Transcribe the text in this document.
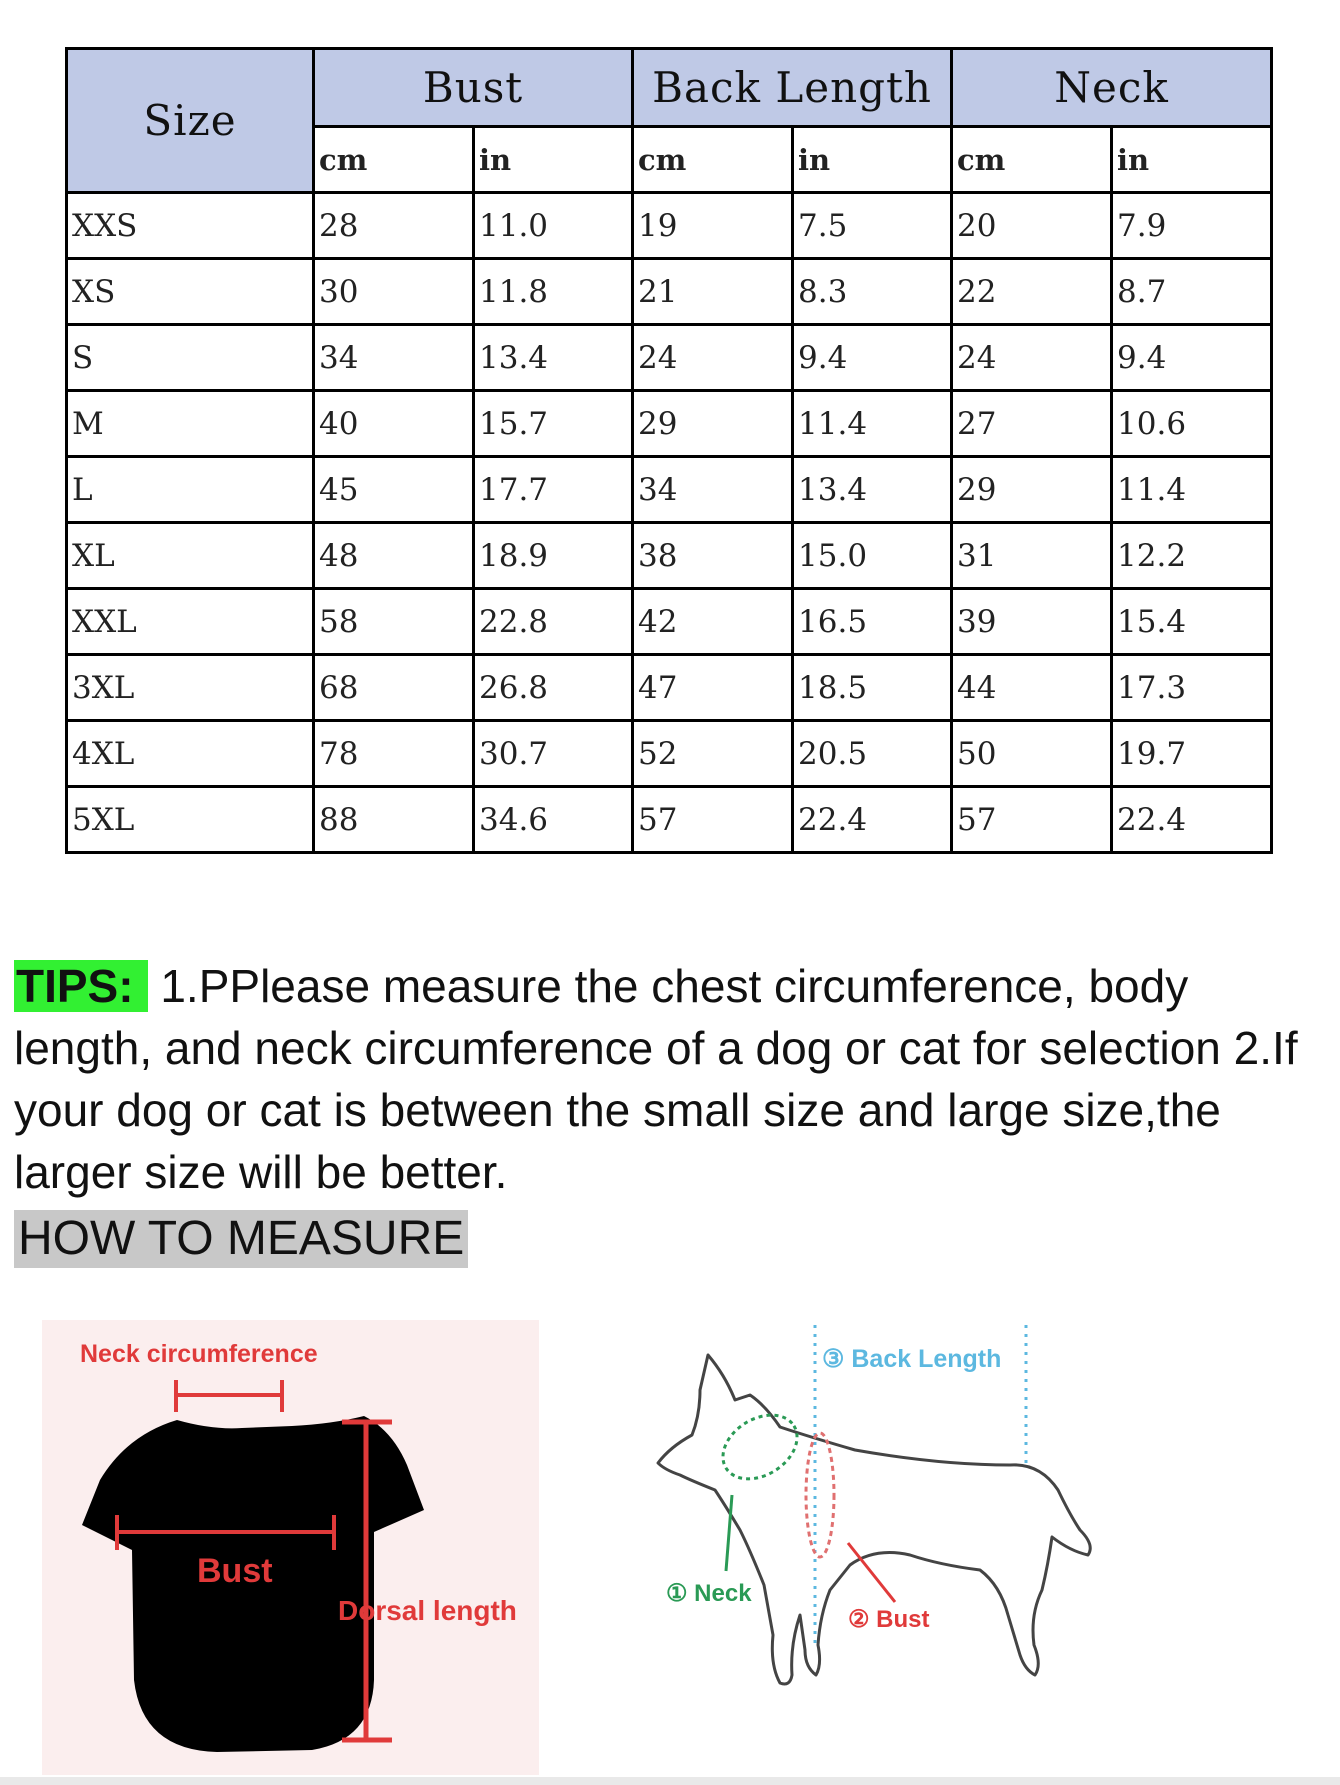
Size	Bust		Back Length		Neck	
	cm	in	cm	in	cm	in
XXS	28	11.0	19	7.5	20	7.9
XS	30	11.8	21	8.3	22	8.7
S	34	13.4	24	9.4	24	9.4
M	40	15.7	29	11.4	27	10.6
L	45	17.7	34	13.4	29	11.4
XL	48	18.9	38	15.0	31	12.2
XXL	58	22.8	42	16.5	39	15.4
3XL	68	26.8	47	18.5	44	17.3
4XL	78	30.7	52	20.5	50	19.7
5XL	88	34.6	57	22.4	57	22.4
TIPS: 1.PPlease measure the chest circumference, body length, and neck circumference of a dog or cat for selection 2.If your dog or cat is between the small size and large size,the larger size will be better.
HOW TO MEASURE
Neck circumference
Bust
Dorsal length
③ Back Length
① Neck
② Bust
